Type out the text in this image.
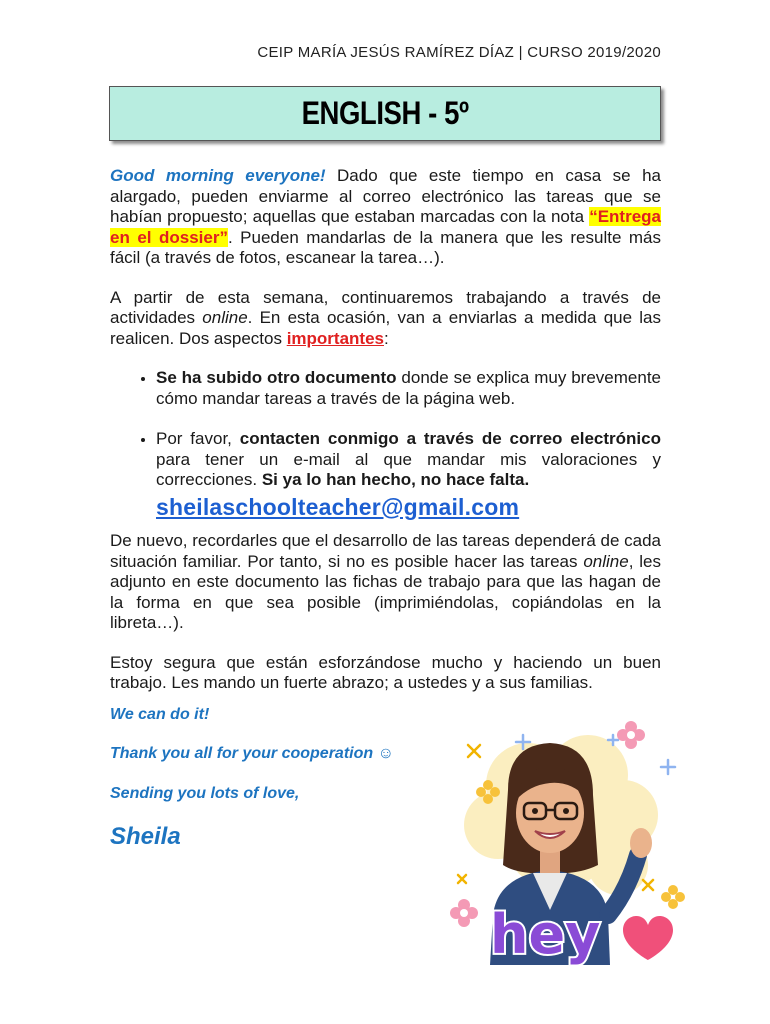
CEIP MARÍA JESÚS RAMÍREZ DÍAZ | CURSO 2019/2020
ENGLISH - 5º

Good morning everyone! Dado que este tiempo en casa se ha alargado, pueden enviarme al correo electrónico las tareas que se habían propuesto; aquellas que estaban marcadas con la nota “Entrega en el dossier”. Pueden mandarlas de la manera que les resulte más fácil (a través de fotos, escanear la tarea…).

A partir de esta semana, continuaremos trabajando a través de actividades online. En esta ocasión, van a enviarlas a medida que las realicen. Dos aspectos importantes:

• Se ha subido otro documento donde se explica muy brevemente cómo mandar tareas a través de la página web.
• Por favor, contacten conmigo a través de correo electrónico para tener un e-mail al que mandar mis valoraciones y correcciones. Si ya lo han hecho, no hace falta.
sheilaschoolteacher@gmail.com

De nuevo, recordarles que el desarrollo de las tareas dependerá de cada situación familiar. Por tanto, si no es posible hacer las tareas online, les adjunto en este documento las fichas de trabajo para que las hagan de la forma en que sea posible (imprimiéndolas, copiándolas en la libreta…).

Estoy segura que están esforzándose mucho y haciendo un buen trabajo. Les mando un fuerte abrazo; a ustedes y a sus familias.

We can do it!
Thank you all for your cooperation ☺
Sending you lots of love,
Sheila
hey
